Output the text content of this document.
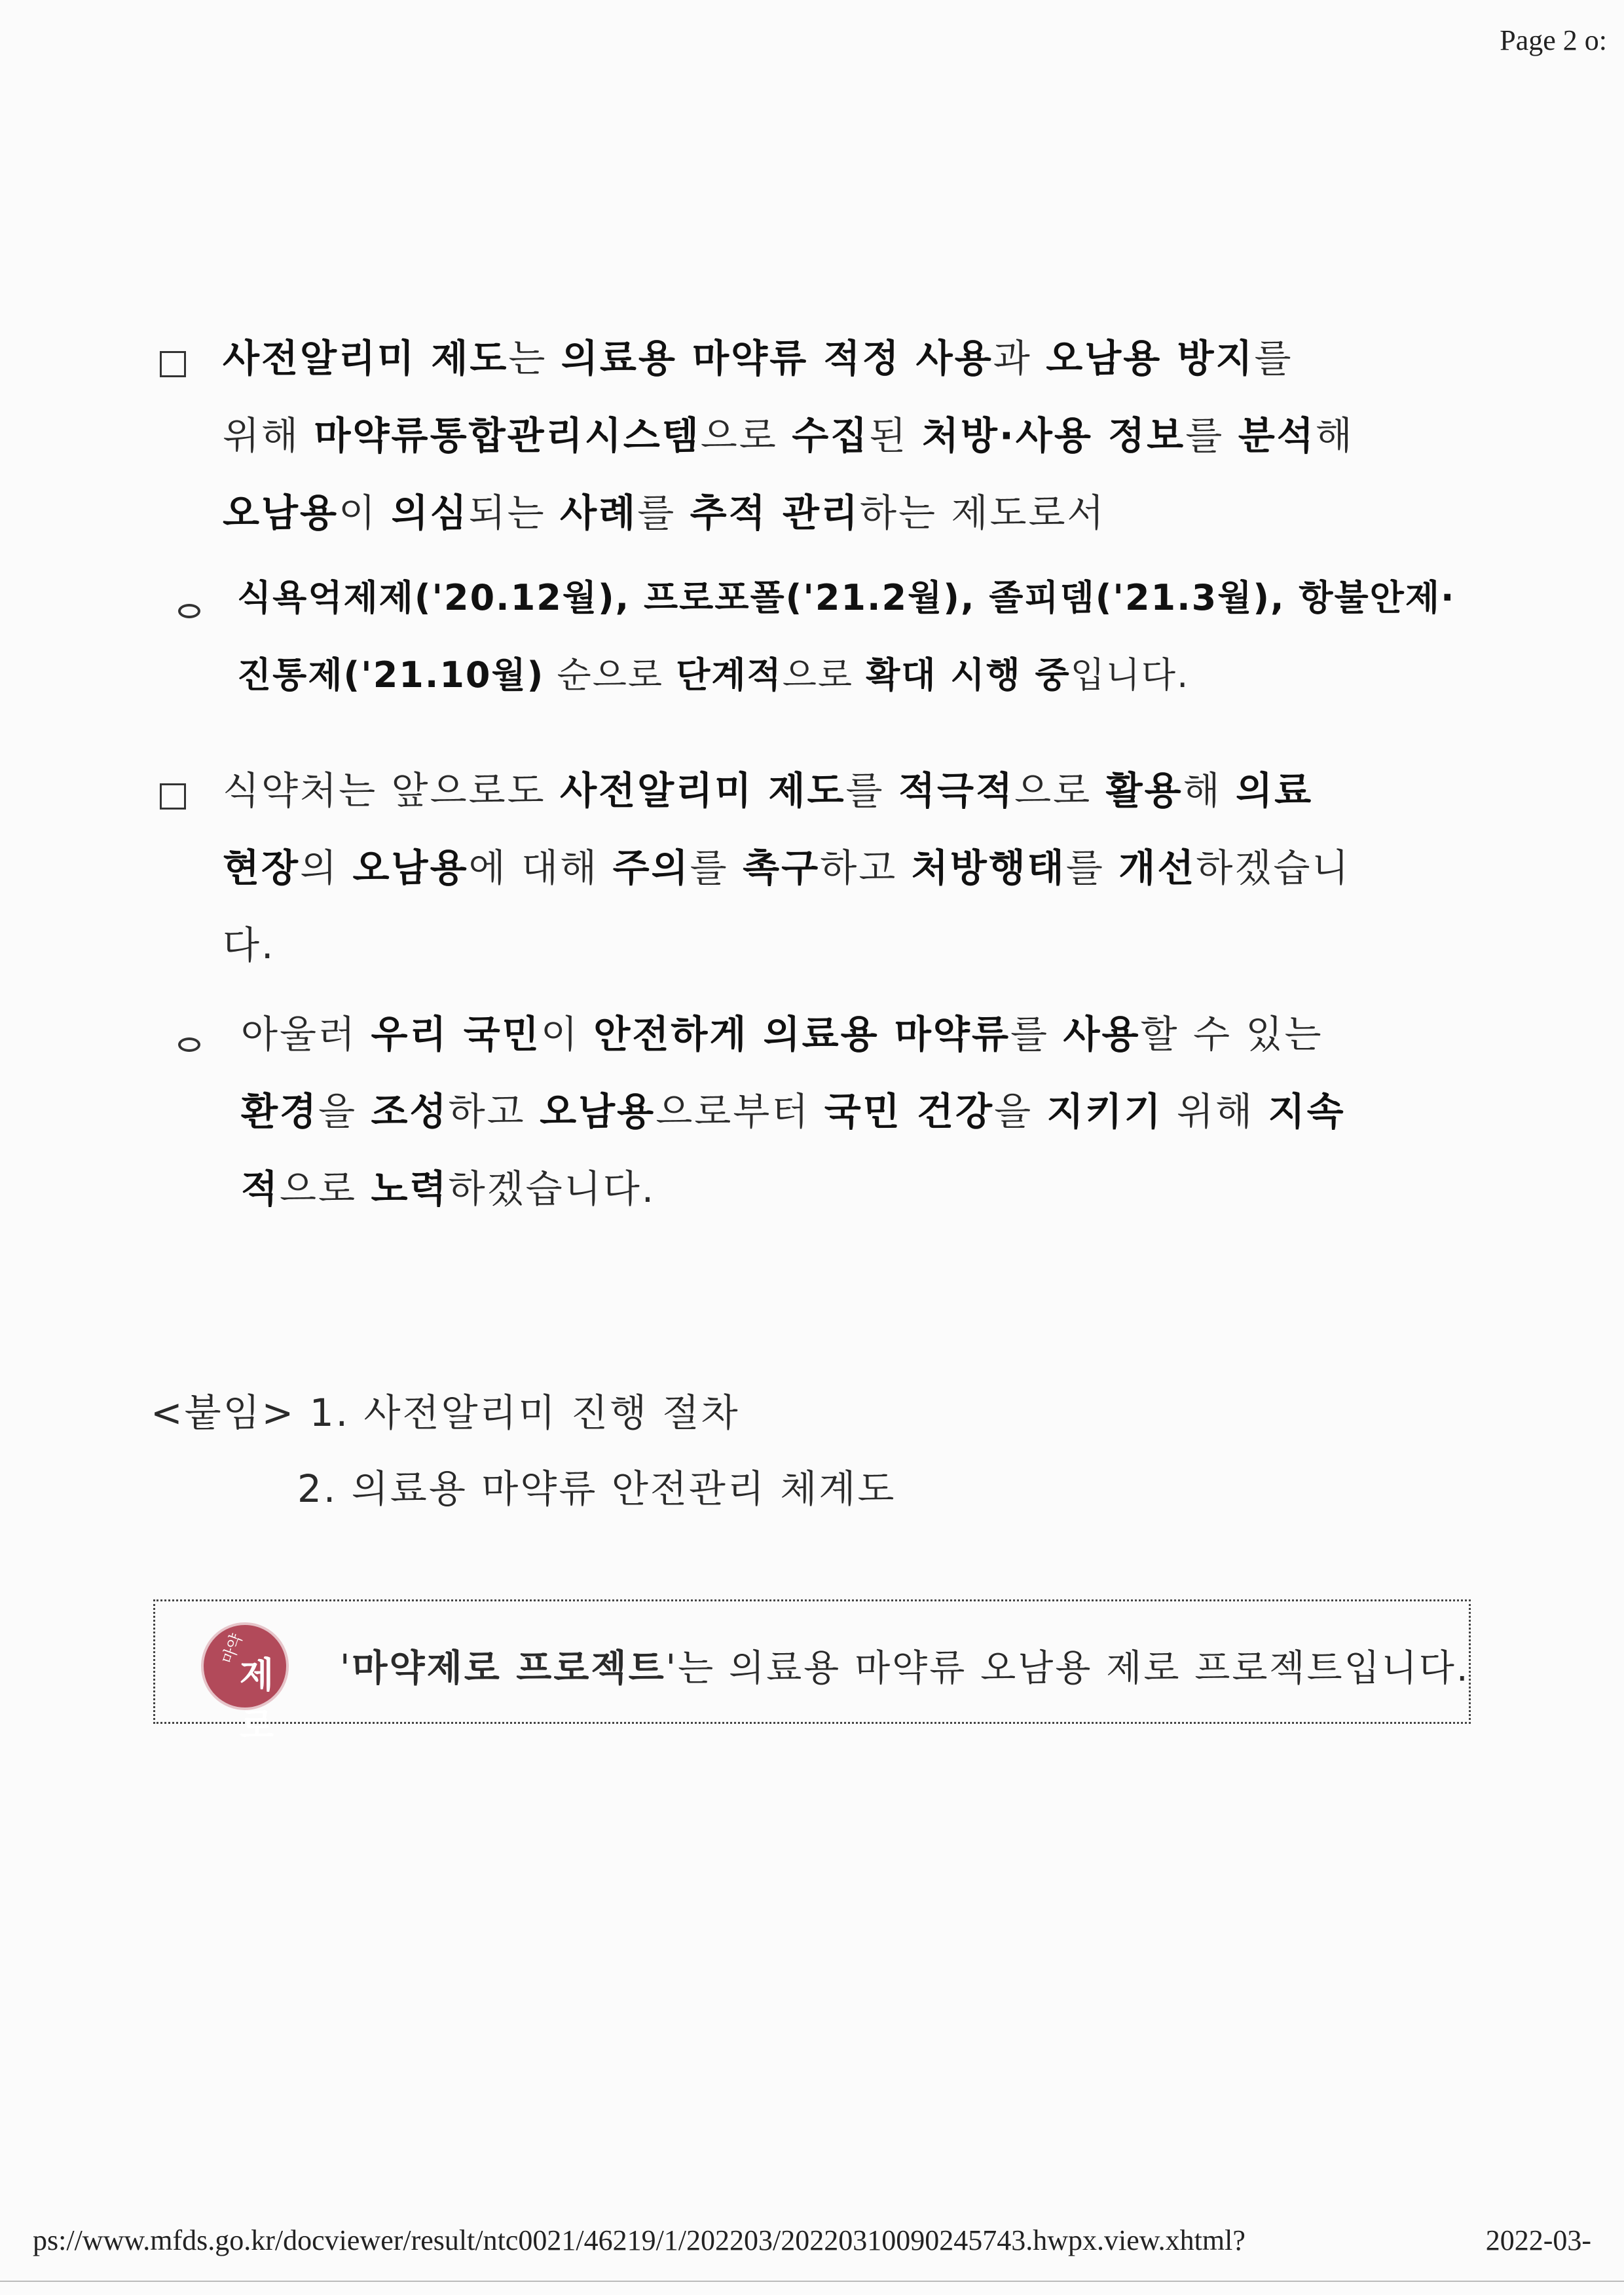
Page 2 o:
사전알리미 제도는 의료용 마약류 적정 사용과 오남용 방지를
위해 마약류통합관리시스템으로 수집된 처방·사용 정보를 분석해
오남용이 의심되는 사례를 추적 관리하는 제도로서
식욕억제제('20.12월), 프로포폴('21.2월), 졸피뎀('21.3월), 항불안제·
진통제('21.10월) 순으로 단계적으로 확대 시행 중입니다.
식약처는 앞으로도 사전알리미 제도를 적극적으로 활용해 의료
현장의 오남용에 대해 주의를 촉구하고 처방행태를 개선하겠습니
다.
아울러 우리 국민이 안전하게 의료용 마약류를 사용할 수 있는
환경을 조성하고 오남용으로부터 국민 건강을 지키기 위해 지속
적으로 노력하겠습니다.
<붙임> 1. 사전알리미 진행 절차
2. 의료용 마약류 안전관리 체계도
마약
제로
'마약제로 프로젝트'는 의료용 마약류 오남용 제로 프로젝트입니다.
ps://www.mfds.go.kr/docviewer/result/ntc0021/46219/1/202203/20220310090245743.hwpx.view.xhtml?	2022-03-
